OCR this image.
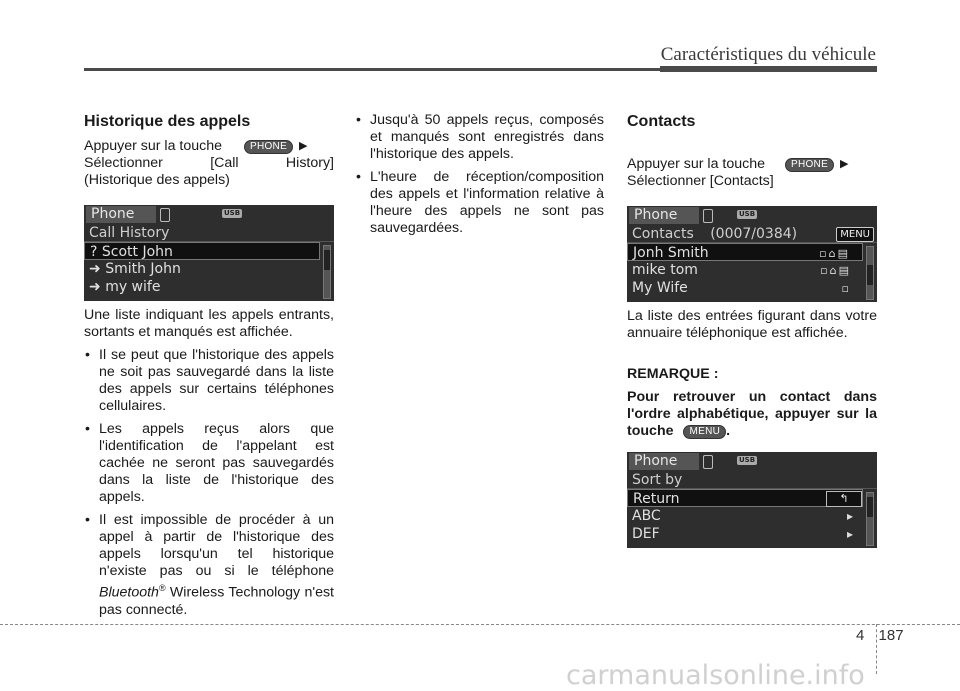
Caractéristiques du véhicule
Historique des appels

Appuyer sur la touche	PHONE ▶

Sélectionner [Call History]

(Historique des appels)

Phone	USB
Call History
? Scott John
➜ Smith John
➜ my wife

Une liste indiquant les appels entrants, sortants et manqués est affichée.

• Il se peut que l'historique des appels ne soit pas sauvegardé dans la liste des appels sur certains téléphones cellulaires.

• Les appels reçus alors que l'identification de l'appelant est cachée ne seront pas sauvegardés dans la liste de l'historique des appels.

• Il est impossible de procéder à un appel à partir de l'historique des appels lorsqu'un tel historique n'existe pas ou si le téléphone Bluetooth® Wireless Technology n'est pas connecté.

• Jusqu'à 50 appels reçus, composés et manqués sont enregistrés dans l'historique des appels.

• L'heure de réception/composition des appels et l'information relative à l'heure des appels ne sont pas sauvegardées.

Contacts

Appuyer sur la touche	PHONE ▶

Sélectionner [Contacts]

Phone	USB
Contacts (0007/0384)	MENU
Jonh Smith	▫⌂▤
mike tom	▫⌂▤
My Wife	▫

La liste des entrées figurant dans votre annuaire téléphonique est affichée.

REMARQUE :

Pour retrouver un contact dans l'ordre alphabétique, appuyer sur la touche MENU .

Phone	USB
Sort by
Return	↰
ABC	▸
DEF	▸
4 187
carmanualsonline.info
